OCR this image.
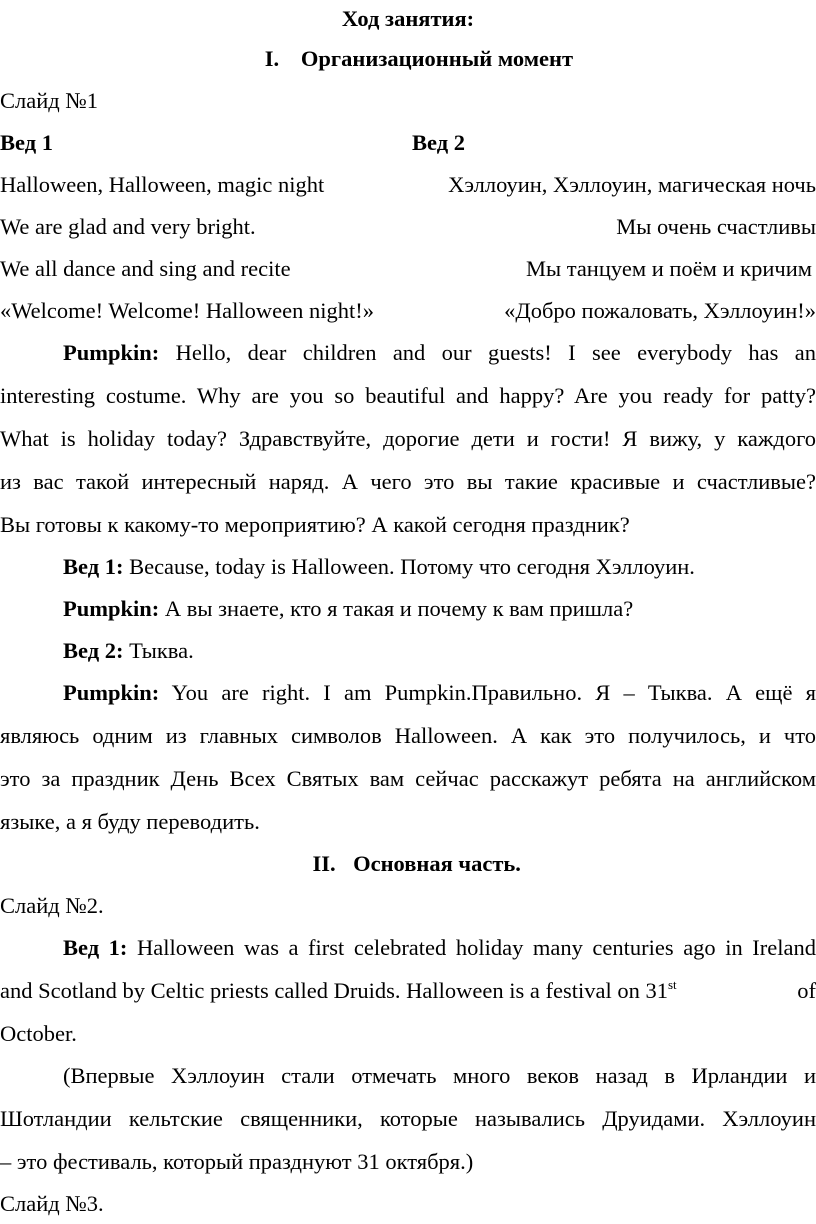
Ход занятия:
I. Организационный момент
Слайд №1
Вед 1	Вед 2
Halloween, Halloween, magic night	Хэллоуин, Хэллоуин, магическая ночь
We are glad and very bright.	Мы очень счастливы
We all dance and sing and recite	Мы танцуем и поём и кричим
«Welcome! Welcome! Halloween night!»	«Добро пожаловать, Хэллоуин!»
Pumpkin: Hello, dear children and our guests! I see everybody has an
interesting costume. Why are you so beautiful and happy? Are you ready for patty?
What is holiday today? Здравствуйте, дорогие дети и гости! Я вижу, у каждого
из вас такой интересный наряд. А чего это вы такие красивые и счастливые?
Вы готовы к какому-то мероприятию? А какой сегодня праздник?
Вед 1: Because, today is Halloween. Потому что сегодня Хэллоуин.
Pumpkin: А вы знаете, кто я такая и почему к вам пришла?
Вед 2: Тыква.
Pumpkin: You are right. I am Pumpkin.Правильно. Я – Тыква. А ещё я
являюсь одним из главных символов Halloween. А как это получилось, и что
это за праздник День Всех Святых вам сейчас расскажут ребята на английском
языке, а я буду переводить.
II. Основная часть.
Слайд №2.
Вед 1: Halloween was a first celebrated holiday many centuries ago in Ireland
and Scotland by Celtic priests called Druids. Halloween is a festival on 31st	of
October.
(Впервые Хэллоуин стали отмечать много веков назад в Ирландии и
Шотландии кельтские священники, которые назывались Друидами. Хэллоуин
– это фестиваль, который празднуют 31 октября.)
Слайд №3.
